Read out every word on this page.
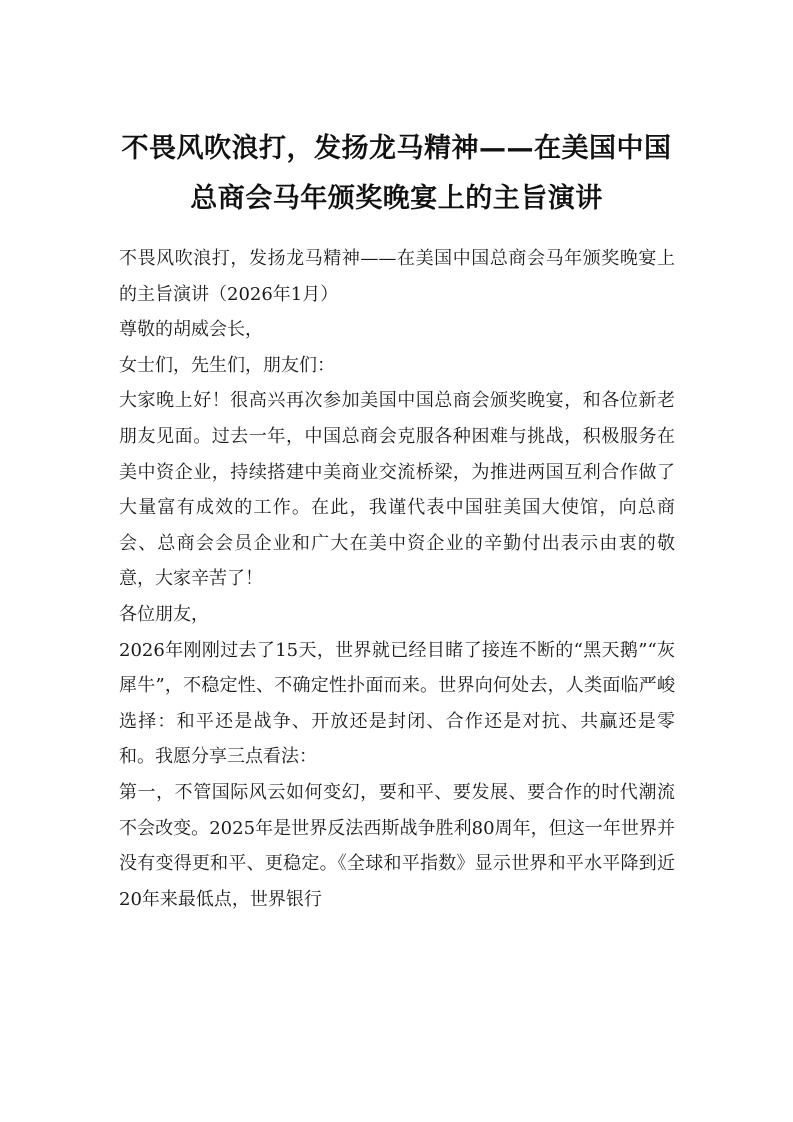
不畏风吹浪打，发扬龙马精神——在美国中国总商会马年颁奖晚宴上的主旨演讲

不畏风吹浪打，发扬龙马精神——在美国中国总商会马年颁奖晚宴上的主旨演讲（2026年1月）

尊敬的胡威会长，

女士们，先生们，朋友们：

大家晚上好！很高兴再次参加美国中国总商会颁奖晚宴，和各位新老朋友见面。过去一年，中国总商会克服各种困难与挑战，积极服务在美中资企业，持续搭建中美商业交流桥梁，为推进两国互利合作做了大量富有成效的工作。在此，我谨代表中国驻美国大使馆，向总商会、总商会会员企业和广大在美中资企业的辛勤付出表示由衷的敬意，大家辛苦了！

各位朋友，

2026年刚刚过去了15天，世界就已经目睹了接连不断的“黑天鹅”“灰犀牛”，不稳定性、不确定性扑面而来。世界向何处去，人类面临严峻选择：和平还是战争、开放还是封闭、合作还是对抗、共赢还是零和。我愿分享三点看法：

第一，不管国际风云如何变幻，要和平、要发展、要合作的时代潮流不会改变。2025年是世界反法西斯战争胜利80周年，但这一年世界并没有变得更和平、更稳定。《全球和平指数》显示世界和平水平降到近20年来最低点，世界银行
